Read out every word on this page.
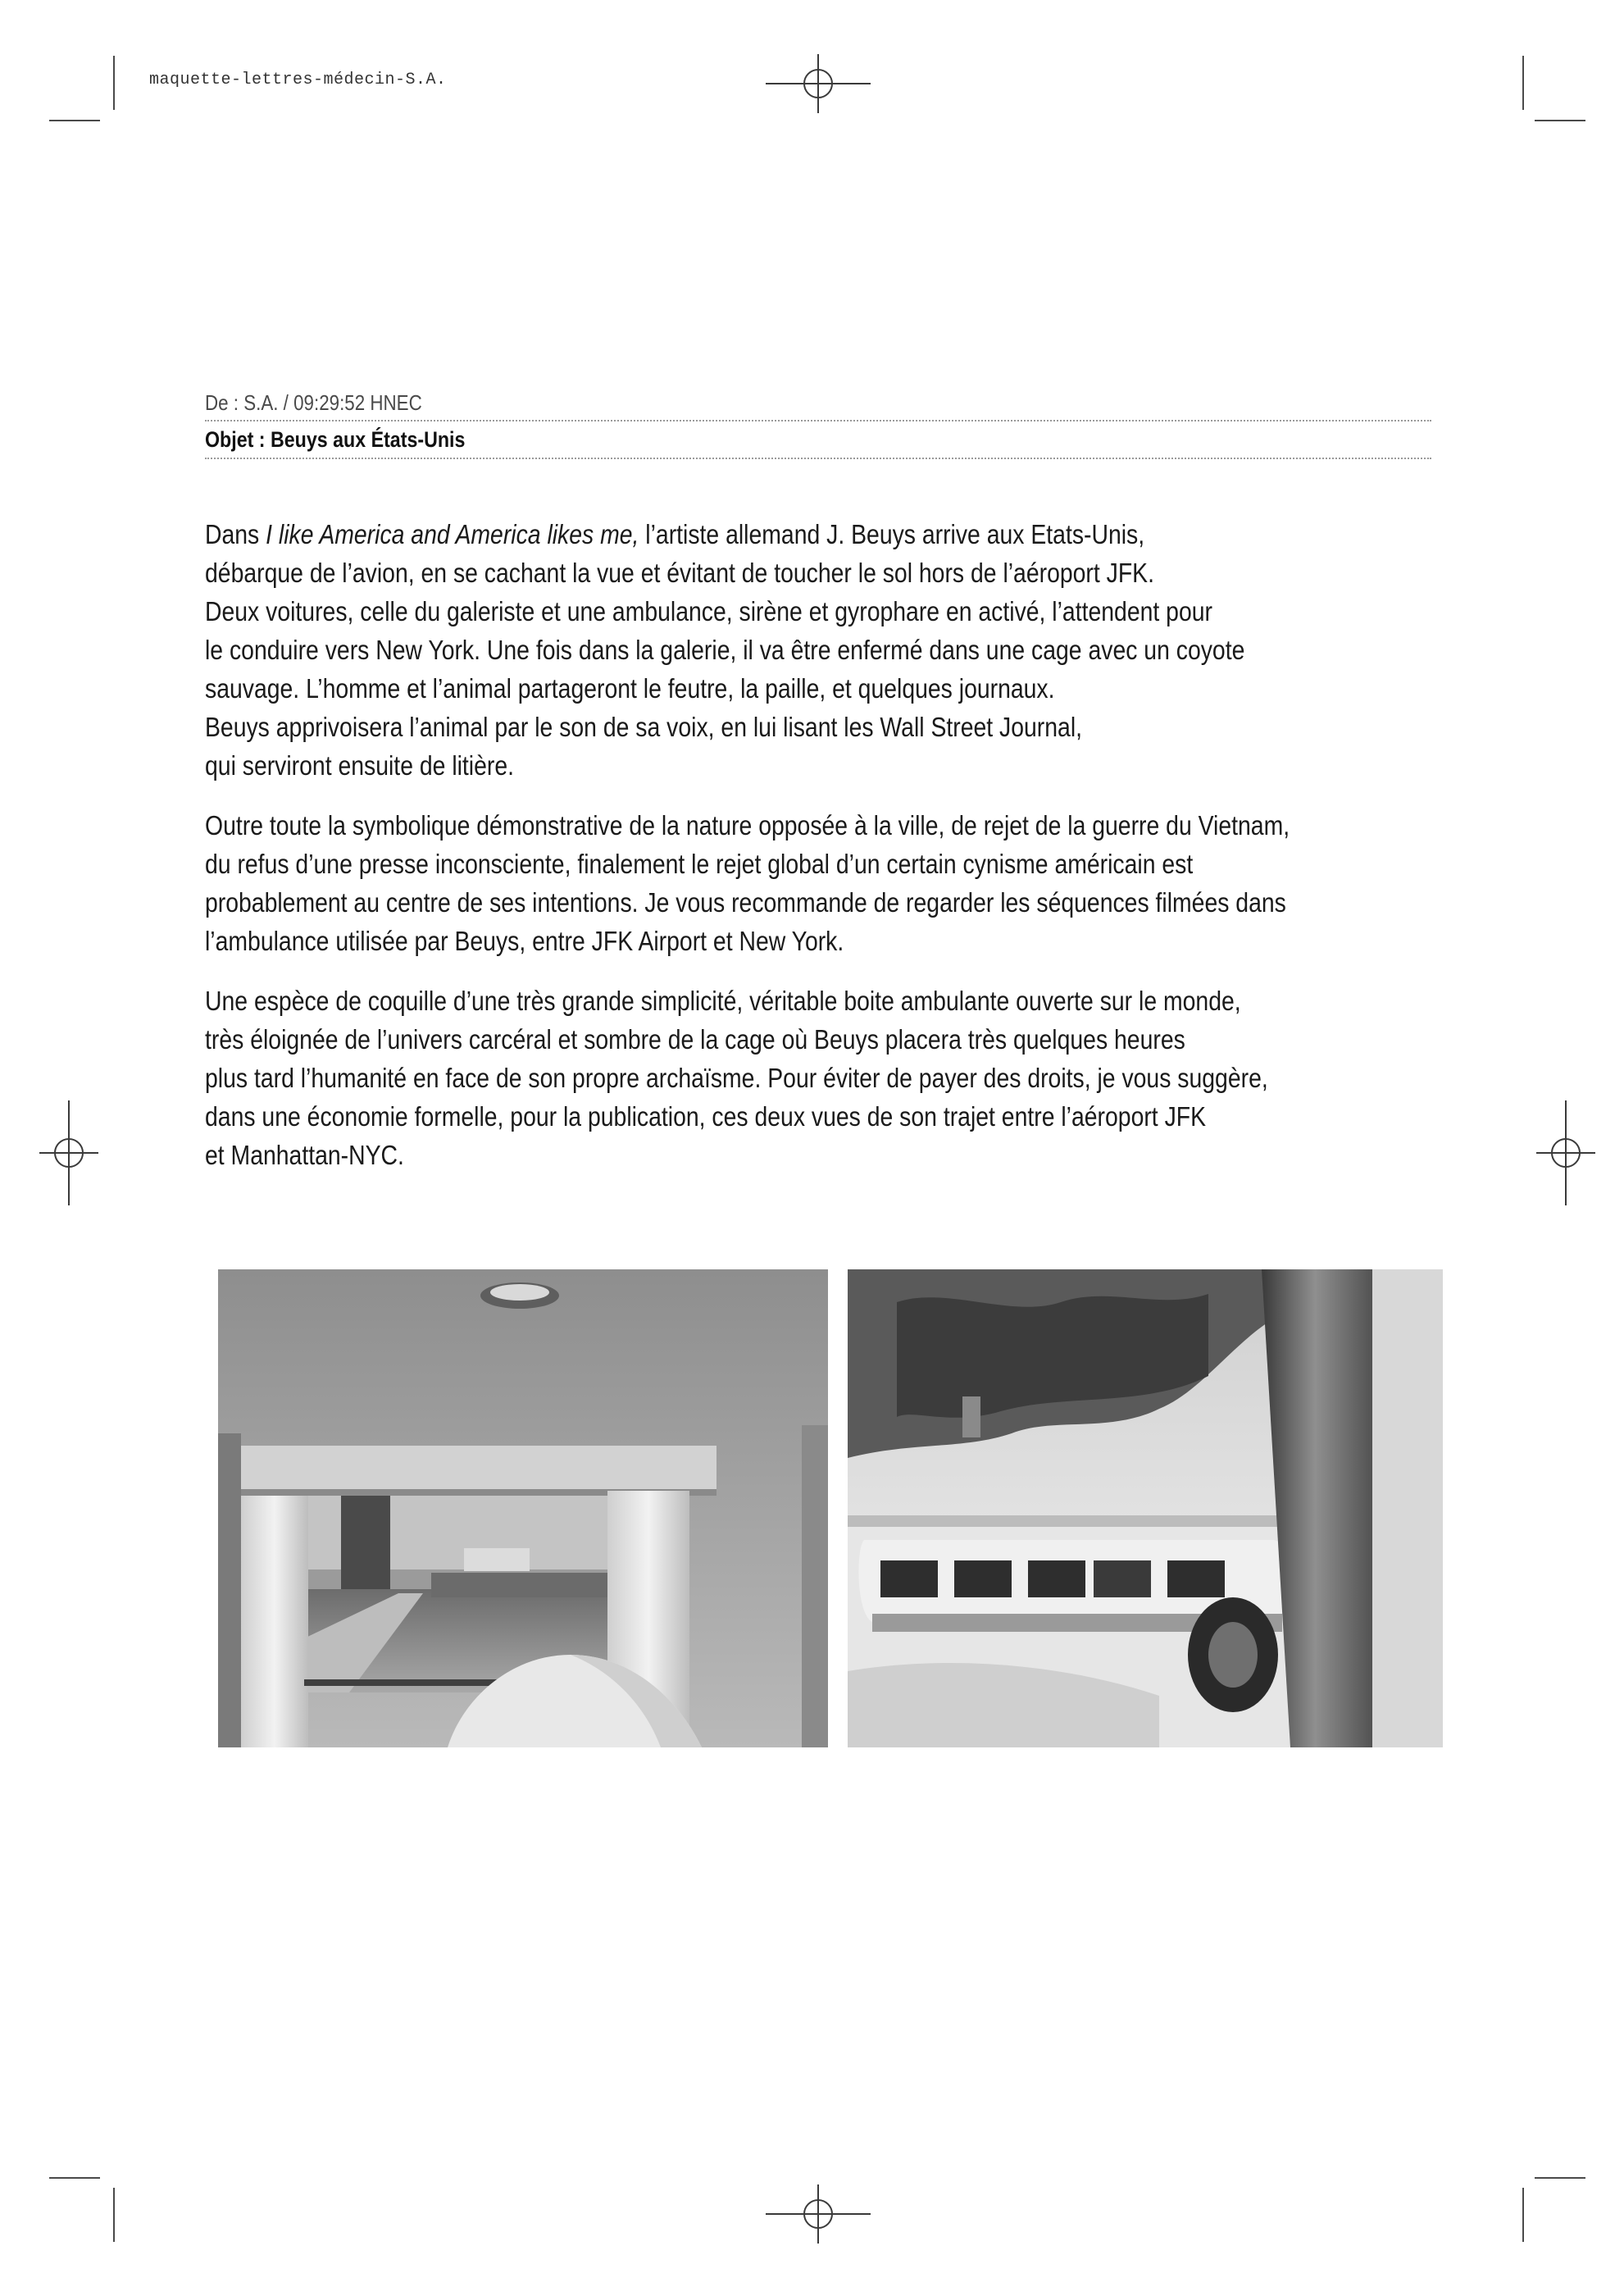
maquette-lettres-médecin-S.A.
De : S.A. / 09:29:52 HNEC
Objet : Beuys aux États-Unis
Dans I like America and America likes me, l’artiste allemand J. Beuys arrive aux Etats-Unis,
débarque de l’avion, en se cachant la vue et évitant de toucher le sol hors de l’aéroport JFK.
Deux voitures, celle du galeriste et une ambulance, sirène et gyrophare en activé, l’attendent pour
le conduire vers New York. Une fois dans la galerie, il va être enfermé dans une cage avec un coyote
sauvage. L’homme et l’animal partageront le feutre, la paille, et quelques journaux.
Beuys apprivoisera l’animal par le son de sa voix, en lui lisant les Wall Street Journal,
qui serviront ensuite de litière.
Outre toute la symbolique démonstrative de la nature opposée à la ville, de rejet de la guerre du Vietnam,
du refus d’une presse inconsciente, finalement le rejet global d’un certain cynisme américain est
probablement au centre de ses intentions. Je vous recommande de regarder les séquences filmées dans
l’ambulance utilisée par Beuys, entre JFK Airport et New York.
Une espèce de coquille d’une très grande simplicité, véritable boite ambulante ouverte sur le monde,
très éloignée de l’univers carcéral et sombre de la cage où Beuys placera très quelques heures
plus tard l’humanité en face de son propre archaïsme. Pour éviter de payer des droits, je vous suggère,
dans une économie formelle, pour la publication, ces deux vues de son trajet entre l’aéroport JFK
et Manhattan-NYC.
